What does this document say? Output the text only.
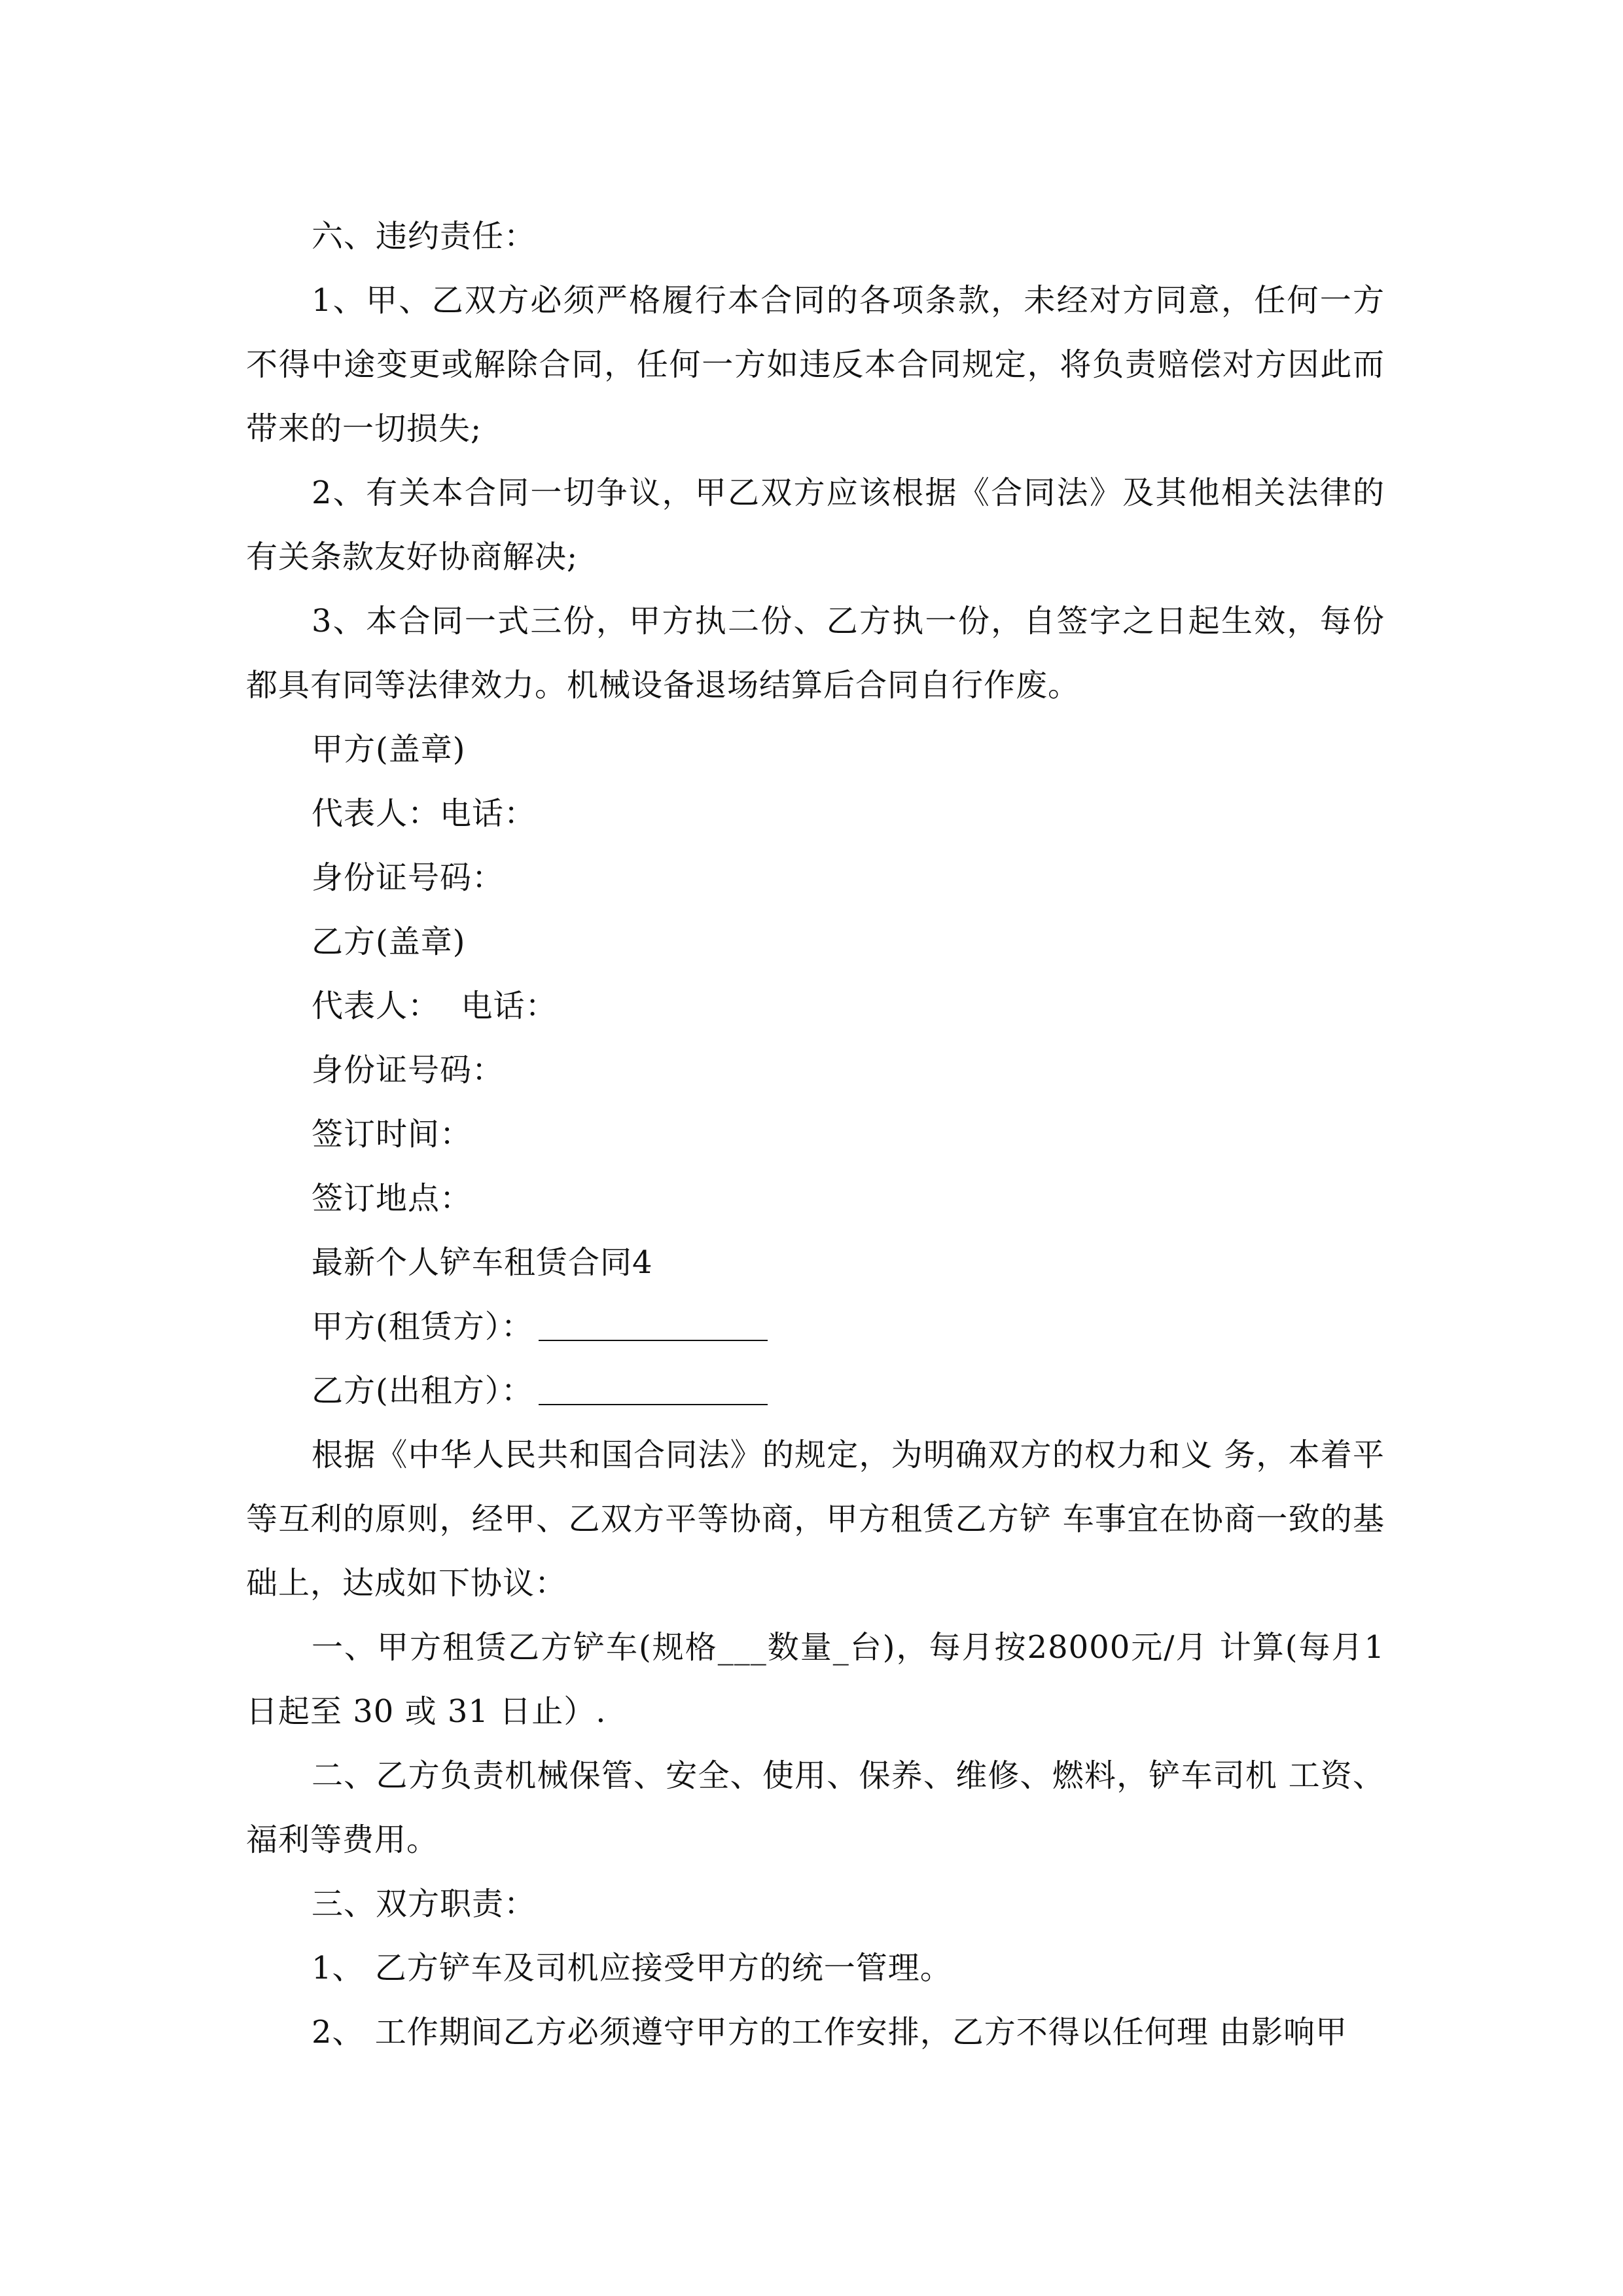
六、违约责任：

1、甲、乙双方必须严格履行本合同的各项条款，未经对方同意，任何一方不得中途变更或解除合同，任何一方如违反本合同规定，将负责赔偿对方因此而带来的一切损失;

2、有关本合同一切争议，甲乙双方应该根据《合同法》及其他相关法律的有关条款友好协商解决;

3、本合同一式三份，甲方执二份、乙方执一份，自签字之日起生效，每份都具有同等法律效力。机械设备退场结算后合同自行作废。

甲方(盖章)

代表人：电话：

身份证号码：

乙方(盖章)

代表人：  电话：

身份证号码：

签订时间：

签订地点：

最新个人铲车租赁合同4

甲方(租赁方）：

乙方(出租方）：

根据《中华人民共和国合同法》的规定，为明确双方的权力和义 务，本着平等互利的原则，经甲、乙双方平等协商，甲方租赁乙方铲 车事宜在协商一致的基础上，达成如下协议：

一、甲方租赁乙方铲车(规格___数量_台)，每月按28000元/月 计算(每月1 日起至 30 或 31 日止）.

二、乙方负责机械保管、安全、使用、保养、维修、燃料，铲车司机 工资、福利等费用。

三、双方职责：

1、 乙方铲车及司机应接受甲方的统一管理。

2、 工作期间乙方必须遵守甲方的工作安排，乙方不得以任何理 由影响甲
